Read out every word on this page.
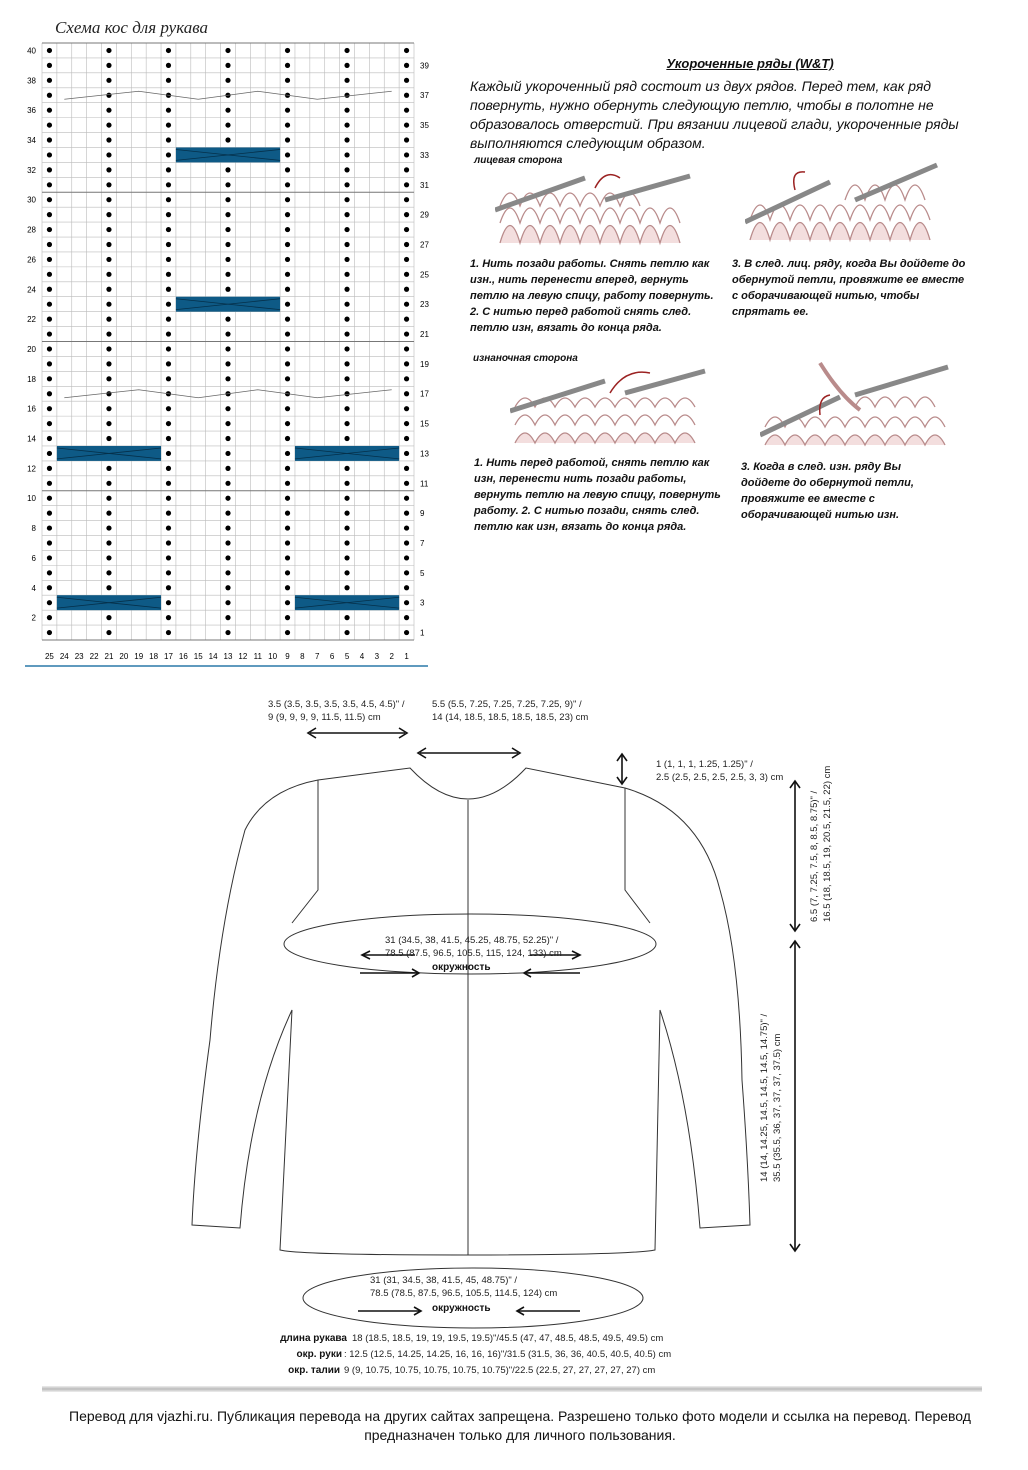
Схема кос для рукава
40
38
36
34
32
30
28
26
24
22
20
18
16
14
12
10
8
6
4
2
39
37
35
33
31
29
27
25
23
21
19
17
15
13
11
9
7
5
3
1
25 24 23 22 21 20 19 18 17 16 15 14 13 12 11 10 9 8 7 6 5 4 3 2 1
Укороченные ряды (W&T)
Каждый укороченный ряд состоит из двух рядов. Перед тем, как ряд повернуть, нужно обернуть следующую петлю, чтобы в полотне не образовалось отверстий. При вязании лицевой глади, укороченные ряды выполняются следующим образом.
лицевая сторона
1. Нить позади работы. Снять петлю как изн., нить перенести вперед, вернуть петлю на левую спицу, работу повернуть. 2. С нитью перед работой снять след. петлю изн, вязать до конца ряда.
3. В след. лиц. ряду, когда Вы дойдете до обернутой петли, провяжите ее вместе с оборачивающей нитью, чтобы спрятать ее.
изнаночная сторона
1. Нить перед работой, снять петлю как изн, перенести нить позади работы, вернуть петлю на левую спицу, повернуть работу. 2. С нитью позади, снять след. петлю как изн, вязать до конца ряда.
3. Когда в след. изн. ряду Вы дойдете до обернутой петли, провяжите ее вместе с оборачивающей нитью изн.
3.5 (3.5, 3.5, 3.5, 3.5, 4.5, 4.5)" /
9 (9, 9, 9, 9, 11.5, 11.5) cm
5.5 (5.5, 7.25, 7.25, 7.25, 7.25, 9)" /
14 (14, 18.5, 18.5, 18.5, 18.5, 23) cm
1 (1, 1, 1, 1.25, 1.25)" /
2.5 (2.5, 2.5, 2.5, 2.5, 3, 3) cm
6.5 (7, 7.25, 7.5, 8, 8.5, 8.75)" / 16.5 (18, 18.5, 19, 20.5, 21.5, 22) cm
31 (34.5, 38, 41.5, 45.25, 48.75, 52.25)" /
78.5 (87.5, 96.5, 105.5, 115, 124, 133) cm
окружность
14 (14, 14.25, 14.5, 14.5, 14.5, 14.75)" / 35.5 (35.5, 36, 37, 37, 37, 37.5) cm
31 (31, 34.5, 38, 41.5, 45, 48.75)" /
78.5 (78.5, 87.5, 96.5, 105.5, 114.5, 124) cm
окружность
длина рукава 18 (18.5, 18.5, 19, 19, 19.5, 19.5)"/45.5 (47, 47, 48.5, 48.5, 49.5, 49.5) cm
окр. руки : 12.5 (12.5, 14.25, 14.25, 16, 16, 16)"/31.5 (31.5, 36, 36, 40.5, 40.5, 40.5) cm
окр. талии 9 (9, 10.75, 10.75, 10.75, 10.75, 10.75)"/22.5 (22.5, 27, 27, 27, 27, 27) cm
Перевод для vjazhi.ru. Публикация перевода на других сайтах запрещена. Разрешено только фото модели и ссылка на перевод. Перевод предназначен только для личного пользования.
